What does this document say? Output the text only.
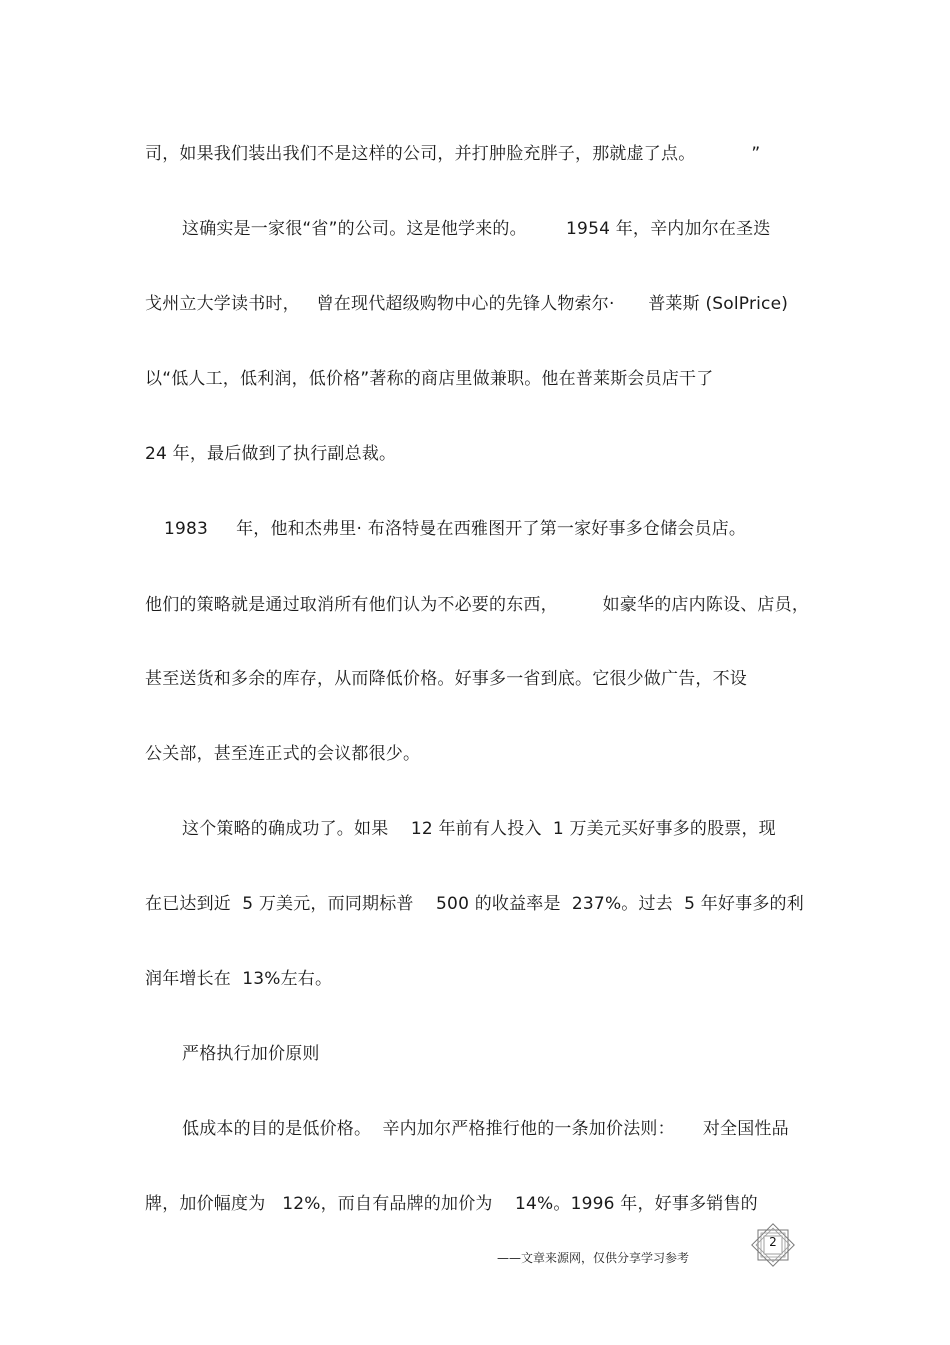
司，如果我们装出我们不是这样的公司，并打肿脸充胖子，那就虚了点。          ”
这确实是一家很“省”的公司。这是他学来的。       1954 年，辛内加尔在圣迭
戈州立大学读书时，   曾在现代超级购物中心的先锋人物索尔·      普莱斯 (SolPrice)
以“低人工，低利润，低价格”著称的商店里做兼职。他在普莱斯会员店干了
24 年，最后做到了执行副总裁。
1983     年，他和杰弗里· 布洛特曼在西雅图开了第一家好事多仓储会员店。
他们的策略就是通过取消所有他们认为不必要的东西，        如豪华的店内陈设、店员，
甚至送货和多余的库存，从而降低价格。好事多一省到底。它很少做广告，不设
公关部，甚至连正式的会议都很少。
这个策略的确成功了。如果    12 年前有人投入  1 万美元买好事多的股票，现
在已达到近  5 万美元，而同期标普    500 的收益率是  237%。过去  5 年好事多的利
润年增长在  13%左右。
严格执行加价原则
低成本的目的是低价格。  辛内加尔严格推行他的一条加价法则：     对全国性品
牌，加价幅度为   12%，而自有品牌的加价为    14%。1996 年，好事多销售的
2
——文章来源网，仅供分享学习参考
